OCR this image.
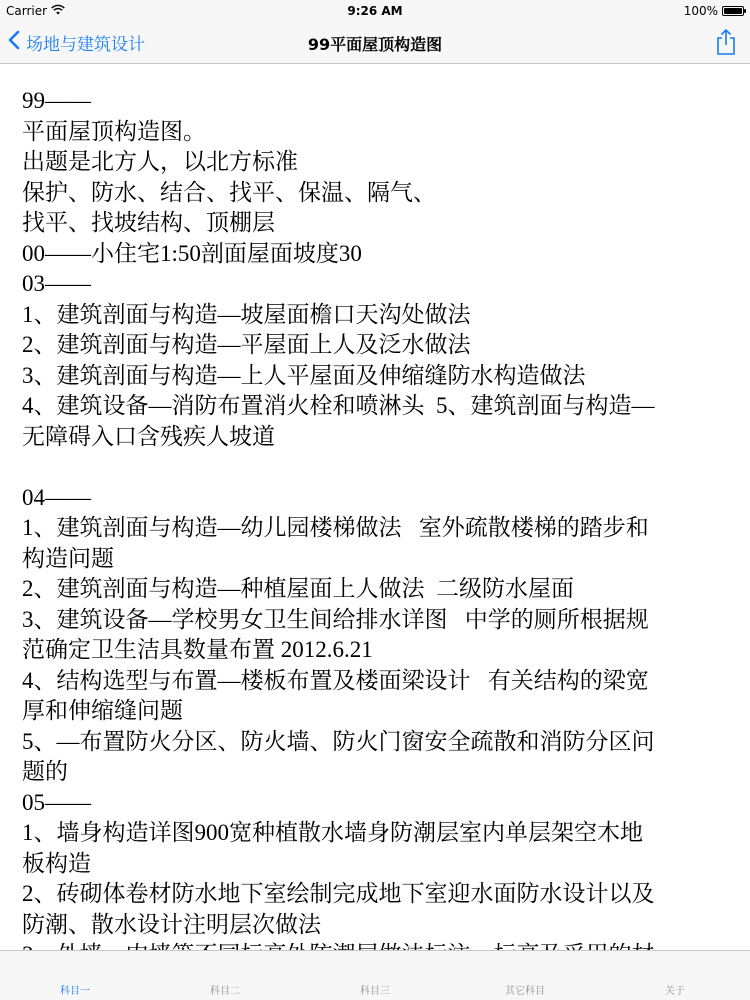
Carrier	9:26 AM	100%
场地与建筑设计	99平面屋顶构造图

99——

平面屋顶构造图。

出题是北方人，以北方标准

保护、防水、结合、找平、保温、隔气、

找平、找坡结构、顶棚层

00——小住宅1:50剖面屋面坡度30

03——

1、建筑剖面与构造—坡屋面檐口天沟处做法

2、建筑剖面与构造—平屋面上人及泛水做法

3、建筑剖面与构造—上人平屋面及伸缩缝防水构造做法

4、建筑设备—消防布置消火栓和喷淋头  5、建筑剖面与构造—

无障碍入口含残疾人坡道

04——

1、建筑剖面与构造—幼儿园楼梯做法   室外疏散楼梯的踏步和

构造问题

2、建筑剖面与构造—种植屋面上人做法  二级防水屋面

3、建筑设备—学校男女卫生间给排水详图   中学的厕所根据规

范确定卫生洁具数量布置 2012.6.21

4、结构选型与布置—楼板布置及楼面梁设计   有关结构的梁宽

厚和伸缩缝问题

5、—布置防火分区、防火墙、防火门窗安全疏散和消防分区问

题的

05——

1、墙身构造详图900宽种植散水墙身防潮层室内单层架空木地

板构造

2、砖砌体卷材防水地下室绘制完成地下室迎水面防水设计以及

防潮、散水设计注明层次做法

科目一	科目二	科目三	其它科目	关于
